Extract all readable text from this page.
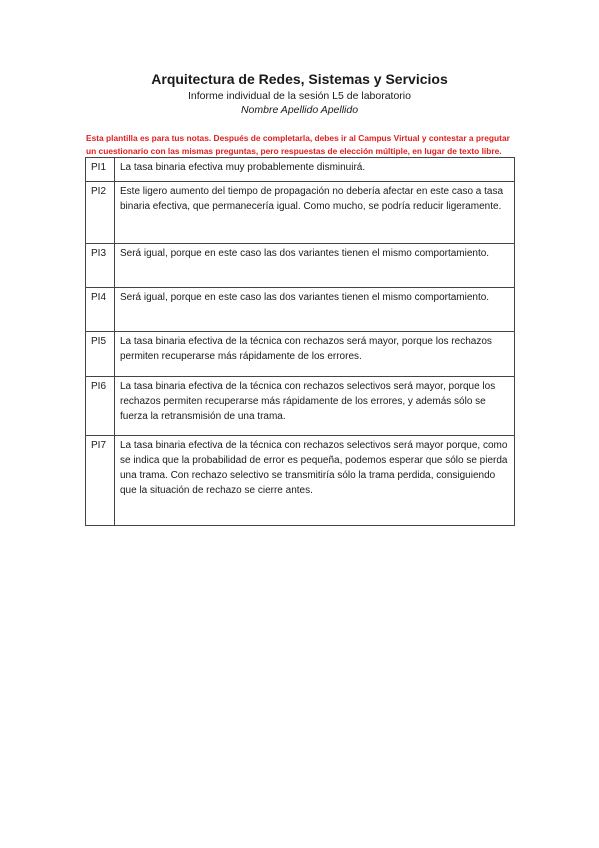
Arquitectura de Redes, Sistemas y Servicios

Informe individual de la sesión L5 de laboratorio

Nombre Apellido Apellido

Esta plantilla es para tus notas. Después de completarla, debes ir al Campus Virtual y contestar a pregutar un cuestionario con las mismas preguntas, pero respuestas de elección múltiple, en lugar de texto libre.
PI1	La tasa binaria efectiva muy probablemente disminuirá.
PI2	Este ligero aumento del tiempo de propagación no debería afectar en este caso a tasa binaria efectiva, que permanecería igual. Como mucho, se podría reducir ligeramente.
PI3	Será igual, porque en este caso las dos variantes tienen el mismo comportamiento.
PI4	Será igual, porque en este caso las dos variantes tienen el mismo comportamiento.
PI5	La tasa binaria efectiva de la técnica con rechazos será mayor, porque los rechazos permiten recuperarse más rápidamente de los errores.
PI6	La tasa binaria efectiva de la técnica con rechazos selectivos será mayor, porque los rechazos permiten recuperarse más rápidamente de los errores, y además sólo se fuerza la retransmisión de una trama.
PI7	La tasa binaria efectiva de la técnica con rechazos selectivos será mayor porque, como se indica que la probabilidad de error es pequeña, podemos esperar que sólo se pierda una trama. Con rechazo selectivo se transmitiría sólo la trama perdida, consiguiendo que la situación de rechazo se cierre antes.
